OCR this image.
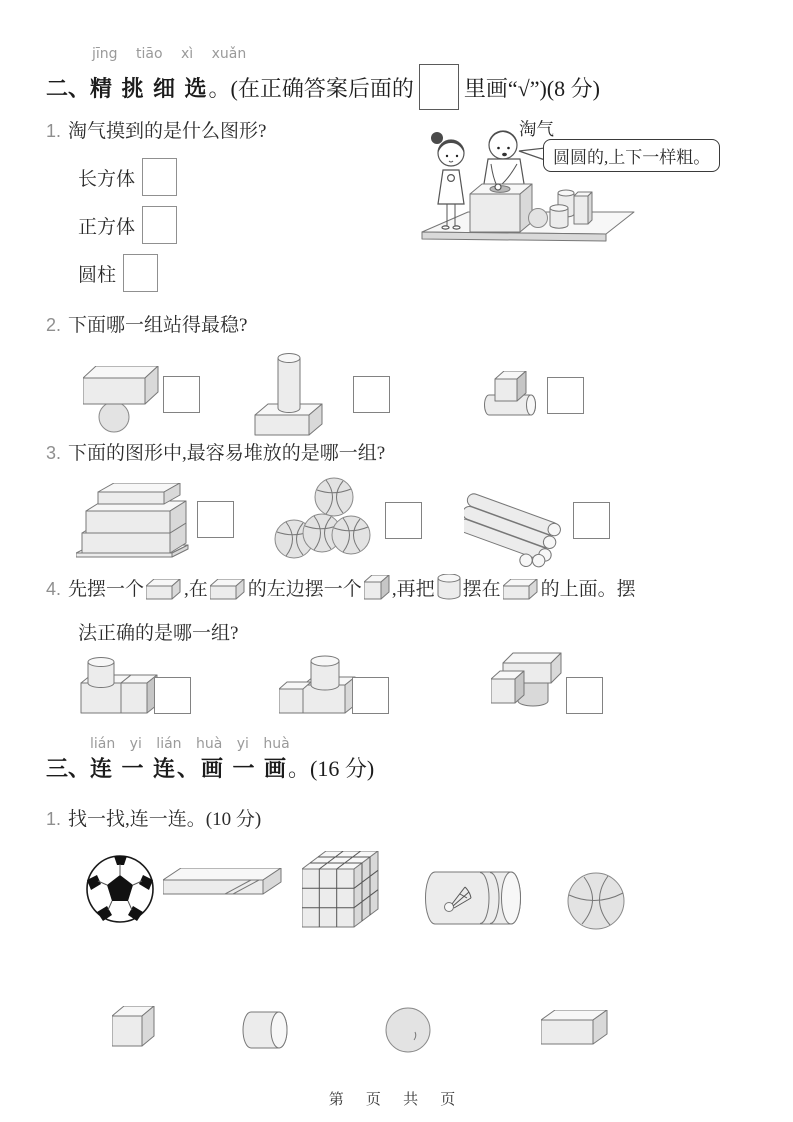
jīng tiāo xì xuǎn
二、精 挑 细 选。(在正确答案后面的 里画“√”)(8 分)
1. 淘气摸到的是什么图形?	淘气
圆圆的,上下一样粗。
长方体
正方体
圆柱
2. 下面哪一组站得最稳?
3. 下面的图形中,最容易堆放的是哪一组?
4. 先摆一个 ,在 的左边摆一个 ,再把 摆在 的上面。摆
法正确的是哪一组?
lián yi lián huà yi huà
三、连 一 连、画 一 画。(16 分)
1. 找一找,连一连。(10 分)
第 页 共 页
